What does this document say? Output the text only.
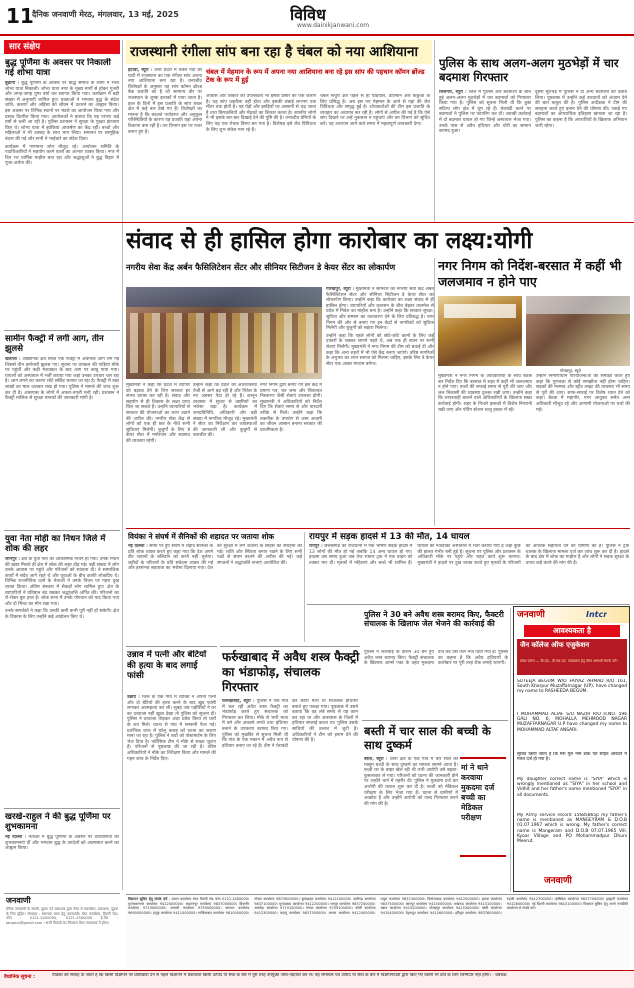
11
दैनिक जनवाणी मेरठ, मंगलवार, 13 मई, 2025	विविध
www.dainikjanwani.com
सार संक्षेप
बुद्ध पूर्णिमा के अवसर पर निकाली गई शोभा यात्रा

बुढाना । बुद्ध पूर्णिमा के अवसर पर बौद्ध समाज के लोगों ने भव्य शोभा यात्रा निकाली। शोभा यात्रा नगर के मुख्य मार्गों से होकर गुजरी और जगह-जगह पुष्प वर्षा कर स्वागत किया गया। कार्यक्रम में बड़ी संख्या में अनुयायी शामिल हुए। वक्ताओं ने भगवान बुद्ध के संदेश शांति, करुणा और अहिंसा को जीवन में उतारने का आह्वान किया। इस अवसर पर विभिन्न स्थानों पर भंडारे का आयोजन किया गया और प्रसाद वितरित किया गया। आयोजकों ने बताया कि यह परंपरा कई वर्षों से चली आ रही है। पुलिस प्रशासन ने सुरक्षा के पुख्ता इंतजाम किए थे। शोभा यात्रा में झांकियां आकर्षण का केंद्र रहीं। बच्चों और महिलाओं ने भी उत्साह के साथ भाग लिया। समापन पर सामूहिक वंदना की गई और सभी ने भाईचारे का संदेश दिया।

कार्यक्रम में गणमान्य लोग मौजूद रहे। आयोजन समिति के पदाधिकारियों ने सहयोग करने वालों का आभार व्यक्त किया। नगर में दिन भर धार्मिक माहौल बना रहा और श्रद्धालुओं ने बुद्ध विहार में पूजा-अर्चना की।

सामीन फैक्ट्री में लगी आग, तीन झुलसे

खतौली । औद्योगिक क्षेत्र स्थित एक फैक्ट्री में अचानक आग लग गई जिससे तीन कर्मचारी झुलस गए। सूचना पर दमकल की गाड़ियां मौके पर पहुंचीं और कड़ी मशक्कत के बाद आग पर काबू पाया गया। घायलों को अस्पताल में भर्ती कराया गया जहां उनका उपचार चल रहा है। आग लगने का कारण शॉर्ट सर्किट बताया जा रहा है। फैक्ट्री में रखा लाखों का माल जलकर राख हो गया। पुलिस ने मामले की जांच शुरू कर दी है। आसपास के लोगों में अफरा-तफरी मची रही। प्रशासन ने फैक्ट्री मालिक से सुरक्षा मानकों की जानकारी मांगी है।

युवा नेता मोही का निधन जिले में शोक की लहर

जौनपुर । क्षेत्र के युवा नेता का आकस्मिक निधन हो गया। उनके निधन की खबर मिलते ही क्षेत्र में शोक की लहर दौड़ गई। बड़ी संख्या में लोग उनके आवास पर पहुंचे और परिजनों को सांत्वना दी। वे सामाजिक कार्यों में सदैव आगे रहते थे और युवाओं के बीच काफी लोकप्रिय थे। विभिन्न राजनीतिक दलों के नेताओं ने उनके निधन पर गहरा दुख व्यक्त किया। अंतिम संस्कार में सैकड़ों लोग शामिल हुए। क्षेत्र के व्यापारियों ने प्रतिष्ठान बंद रखकर श्रद्धांजलि अर्पित की। परिजनों का रो-रोकर बुरा हाल है। शोक सभा में उनके योगदान को याद किया गया और दो मिनट का मौन रखा गया।

उनके समर्थकों ने कहा कि उनकी कमी कभी पूरी नहीं हो सकेगी। क्षेत्र के विकास के लिए उन्होंने कई आंदोलन किए थे।

खरखे-राहुल ने की बुद्ध पूर्णिमा पर शुभकामना

नई दिल्ली । नेताओं ने बुद्ध पूर्णिमा के अवसर पर देशवासियों को शुभकामनाएं दीं और भगवान बुद्ध के उपदेशों को आत्मसात करने का आह्वान किया।

जनवाणी
दैनिक जनवाणी के स्वामी, मुद्रक एवं प्रकाशक द्वारा मेरठ से प्रकाशित। प्रकाशक, मुद्रक के लिए मुद्रित। संपादक : समाचार चयन हेतु उत्तरदायी। मेरठ कार्यालय, दिल्ली रोड। फोन : 0121-2400000, 0121-2500000 ई-मेल : janwani@gmail.com । सभी विवादों का निपटारा मेरठ न्यायालय में होगा।
राजस्थानी रंगीला सांप बना रहा है चंबल को नया आशियाना

इटावा, ब्यूरो । उत्तर प्रदेश में चंबल नदी की घाटी में राजस्थान का एक रंगीला सांप अपना नया आशियाना बना रहा है। वन्यजीव विशेषज्ञों के अनुसार यह सांप कॉमन ब्रोंज्ड बैक प्रजाति का है जो सामान्य तौर पर राजस्थान के शुष्क इलाकों में पाया जाता है। हाल के दिनों में इस प्रजाति के सांप चंबल क्षेत्र में कई बार देखे गए हैं। विशेषज्ञों का मानना है कि बदलते पर्यावरण और अनुकूल परिस्थितियों के कारण यह प्रजाति यहां अपना ठिकाना बना रही है। वन विभाग इस पर नजर बनाए हुए है।

चंबल में मेहमान के रूप में अपना नया आशियाना बना रहे इस सांप की पहचान कॉमन ब्रोंज्ड टेक के रूप में हुई

आवास और शिकार की उपलब्धता भी इसके प्रसार का एक कारण है। यह सांप जहरीला नहीं होता और इसकी लंबाई लगभग एक मीटर तक होती है। यह पेड़ों और झाड़ियों पर आसानी से चढ़ जाता है तथा छिपकलियों और मेंढकों का शिकार करता है। स्थानीय लोगों ने भी इसके बार-बार दिखाई देने की पुष्टि की है। वन्यजीव प्रेमियों के लिए यह एक रोचक विषय बन गया है। विशेषज्ञ इसे जैव विविधता के लिए शुभ संकेत मान रहे हैं।

चंबल सेंचुरी क्षेत्र पहले से ही घड़ियाल, डॉल्फिन और कछुओं के लिए प्रसिद्ध है। अब इस नए मेहमान के आने से यहां की जैव विविधता और समृद्ध हुई है। शोधकर्ताओं की टीम इस प्रजाति के व्यवहार का अध्ययन कर रही है। लोगों से अपील की गई है कि ऐसे सांप दिखने पर उन्हें नुकसान न पहुंचाएं और वन विभाग को सूचित करें। यह अध्ययन आने वाले समय में महत्वपूर्ण जानकारी देगा।

पुलिस के साथ अलग-अलग मुठभेड़ों में चार बदमाश गिरफ्तार

बिजनौर, ब्यूरो । जिले में पुलिस और बदमाशों के बीच हुई अलग-अलग मुठभेड़ों में चार बदमाशों को गिरफ्तार किया गया है। पुलिस को सूचना मिली थी कि कुछ संदिग्ध लोग क्षेत्र में घूम रहे हैं। घेराबंदी करने पर बदमाशों ने पुलिस पर फायरिंग कर दी। जवाबी कार्रवाई में दो बदमाश घायल हो गए जिन्हें अस्पताल भेजा गया। उनके पास से अवैध हथियार और चोरी का सामान बरामद हुआ।

दूसरी मुठभेड़ में पुलिस ने दो अन्य बदमाशों को दबोच लिया। पूछताछ में उन्होंने कई वारदातों को अंजाम देने की बात कबूल की है। पुलिस अधीक्षक ने टीम की सराहना करते हुए इनाम देने की घोषणा की। पकड़े गए बदमाशों का आपराधिक इतिहास खंगाला जा रहा है। पुलिस का कहना है कि अपराधियों के खिलाफ अभियान जारी रहेगा।

संवाद से ही हासिल होगा कारोबार का लक्ष्य:योगी
नगरीय सेवा केंद्र अर्बन फैसिलिटेशन सेंटर और सीनियर सिटीजन डे केयर सेंटर का लोकार्पण	नगर निगम को निर्देश-बरसात में कहीं भी जलजमाव न होने पाए

मुख्यमंत्री ने कहा कि प्रदेश में व्यापार को बढ़ावा देने के लिए सरकार हर संभव प्रयास कर रही है। संवाद और सहयोग से ही विकास के लक्ष्य प्राप्त किए जा सकते हैं। उन्होंने व्यापारियों से सरकार की योजनाओं का लाभ उठाने की अपील की। नगरीय सेवा केंद्र से लोगों को एक ही छत के नीचे सभी सुविधाएं मिलेंगी। बुजुर्गों के लिए डे केयर सेंटर में मनोरंजन और स्वास्थ्य की व्यवस्था रहेगी।

उन्होंने कहा कि प्रदेश की अर्थव्यवस्था तेजी से आगे बढ़ रही है और निवेश के नए अवसर पैदा हो रहे हैं। कानून व्यवस्था में सुधार से उद्यमियों का भरोसा बढ़ा है। कार्यक्रम में जनप्रतिनिधि, अधिकारी और बड़ी संख्या में नागरिक मौजूद रहे। मुख्यमंत्री ने सेंटर का निरीक्षण कर व्यवस्थाओं की जानकारी ली और बुजुर्गों से बातचीत की।

नगर निगम द्वारा बनाए गए इस केंद्र में प्रमाण पत्र, कर जमा और शिकायत निस्तारण जैसी सेवाएं उपलब्ध होंगी। मुख्यमंत्री ने अधिकारियों को निर्देश दिए कि सेवाएं समय से और पारदर्शी तरीके से मिलें। उन्होंने कहा कि तकनीक के उपयोग से आम आदमी का जीवन आसान बनाना सरकार की प्राथमिकता है।

गोरखपुर, ब्यूरो । मुख्यमंत्री ने सोमवार को नगरीय सेवा केंद्र अर्बन फैसिलिटेशन सेंटर और सीनियर सिटीजन डे केयर सेंटर का लोकार्पण किया। उन्होंने कहा कि कारोबार का लक्ष्य संवाद से ही हासिल होगा। व्यापारियों और प्रशासन के बीच बेहतर तालमेल से प्रदेश में निवेश का माहौल बना है। उन्होंने कहा कि सरकार सुरक्षा, सुविधा और सम्मान का वातावरण देने के लिए प्रतिबद्ध है। नगर निगम की ओर से बनाए गए इन केंद्रों से नागरिकों को सुविधा मिलेगी और बुजुर्गों को सहारा मिलेगा।

उन्होंने कहा कि पहले लोगों को छोटे-छोटे कामों के लिए कई दफ्तरों के चक्कर लगाने पड़ते थे, अब एक ही स्थान पर सभी सेवाएं मिलेंगी। मुख्यमंत्री ने नगर निगम की टीम को बधाई दी और कहा कि अन्य शहरों में भी ऐसे केंद्र बनाए जाएंगे। वरिष्ठ नागरिकों के अनुभव का लाभ समाज को मिलना चाहिए, इसके लिए डे केयर सेंटर एक अच्छा माध्यम बनेगा।

गोरखपुर, ब्यूरो

मुख्यमंत्री ने नगर निगम के अधिकारियों के साथ बैठक कर निर्देश दिए कि बरसात में शहर में कहीं भी जलजमाव न होने पाए। नालों की सफाई समय से पूरी की जाए और जल निकासी की व्यवस्था दुरुस्त रखी जाए। उन्होंने कहा कि लापरवाही बरतने वाले अधिकारियों के खिलाफ सख्त कार्रवाई होगी। शहर के निचले इलाकों में विशेष निगरानी रखी जाए और पंपिंग स्टेशन चालू हालत में रहें।

उन्होंने निर्माणाधीन परियोजनाओं की समीक्षा करते हुए कहा कि गुणवत्ता से कोई समझौता नहीं होना चाहिए। सड़कों की मरम्मत और स्ट्रीट लाइट की व्यवस्था भी समय से पूरी की जाए। साफ-सफाई पर विशेष ध्यान देने को कहा। बैठक में महापौर, नगर आयुक्त समेत अन्य अधिकारी मौजूद रहे और आगामी योजनाओं पर चर्चा की गई।

वियंका ने संघर्ष में सैनिकों की शहादत पर जताया शोक

नई दिल्ली । सीमा पर हुए संघर्ष में शहीद सैनिकों के प्रति शोक व्यक्त करते हुए कहा गया कि देश अपने वीर जवानों के बलिदान को कभी नहीं भूलेगा। शहीदों के परिवारों के प्रति संवेदना व्यक्त की गई और हरसंभव सहायता का भरोसा दिलाया गया। देश की सुरक्षा में लगे जवानों के साहस की सराहना की गई। शांति और स्थिरता बनाए रखने के लिए सभी पक्षों से संयम बरतने की अपील की गई। कई संगठनों ने श्रद्धांजलि सभाएं आयोजित कीं।

रायपुर में सड़क हादसे में 13 की मौत, 14 घायल

रायपुर । छत्तीसगढ़ की राजधानी में एक भीषण सड़क हादसे में 13 लोगों की मौत हो गई जबकि 14 अन्य घायल हो गए। हादसा उस समय हुआ जब तेज रफ्तार ट्रक ने एक वाहन को टक्कर मार दी। मृतकों में महिलाएं और बच्चे भी शामिल हैं। घायलों को नजदीकी अस्पताल में भर्ती कराया गया है जहां कुछ की हालत गंभीर बनी हुई है। सूचना पर पुलिस और प्रशासन के अधिकारी मौके पर पहुंचे और राहत कार्य शुरू कराया। मुख्यमंत्री ने हादसे पर दुख व्यक्त करते हुए मृतकों के परिजनों को आर्थिक सहायता देने की घोषणा की है। पुलिस ने ट्रक चालक के खिलाफ मामला दर्ज कर जांच शुरू कर दी है। हादसे के बाद क्षेत्र में शोक का माहौल है और लोगों ने सड़क सुरक्षा के उपाय कड़े करने की मांग की है।

उन्नाव में पत्नी और बेटियों की हत्या के बाद लगाई फांसी

उन्नाव । जिले के एक गांव में व्यक्ति ने अपनी पत्नी और दो बेटियों की हत्या करने के बाद खुद फांसी लगाकर आत्महत्या कर ली। सुबह जब पड़ोसियों ने घर का दरवाजा नहीं खुला देखा तो पुलिस को सूचना दी। पुलिस ने दरवाजा तोड़कर अंदर प्रवेश किया तो चारों के शव मिले। घटना से गांव में सनसनी फैल गई। प्रारंभिक जांच में घरेलू कलह को घटना का कारण माना जा रहा है। पुलिस ने शवों को पोस्टमार्टम के लिए भेज दिया है। फॉरेंसिक टीम ने मौके से साक्ष्य जुटाए हैं। परिजनों से पूछताछ की जा रही है। वरिष्ठ अधिकारियों ने मौके का निरीक्षण किया और मामले की गहन जांच के निर्देश दिए।

फर्रुखाबाद में अवैध शस्त्र फैक्ट्री का भंडाफोड़, संचालक गिरफ्तार

फर्रुखाबाद, ब्यूरो । पुलिस ने एक गांव में चल रही अवैध शस्त्र फैक्ट्री का भंडाफोड़ करते हुए संचालक को गिरफ्तार कर लिया। मौके से भारी मात्रा में बने और अधबने तमंचे तथा हथियार बनाने के उपकरण बरामद किए गए। पुलिस को मुखबिर से सूचना मिली थी कि गांव के एक मकान में अवैध रूप से हथियार बनाए जा रहे हैं। टीम ने घेराबंदी कर छापा मारा तो संचालक हथियार बनाते हुए पकड़ा गया। पूछताछ में उसने बताया कि वह लंबे समय से यह काम कर रहा था और आसपास के जिलों में हथियार सप्लाई करता था। पुलिस उसके साथियों की तलाश में जुटी है। अधिकारियों ने टीम को इनाम देने की घोषणा की है।

पुलिस ने 30 बने अवैध शस्त्र बरामद किए, फैक्टरी संचालक के खिलाफ जेल भेजने की कार्रवाई की

पुलिस ने कार्रवाई के दौरान 30 बने हुए अवैध शस्त्र बरामद किए। फैक्ट्री संचालक के खिलाफ आर्म्स एक्ट के तहत मुकदमा दर्ज कर उसे जेल भेज दिया गया है। पुलिस का कहना है कि अवैध हथियारों के कारोबार पर पूरी तरह रोक लगाई जाएगी।

बस्ती में चार साल की बच्ची के साथ दुष्कर्म

बस्ती, ब्यूरो । थाना क्षेत्र के एक गांव में चार साल की मासूम बच्ची के साथ दुष्कर्म का मामला सामने आया है। बच्ची घर के बाहर खेल रही थी तभी आरोपी उसे बहला-फुसलाकर ले गया। परिजनों को घटना की जानकारी होने पर उन्होंने थाने में तहरीर दी। पुलिस ने मुकदमा दर्ज कर आरोपी की तलाश शुरू कर दी है। बच्ची को मेडिकल परीक्षण के लिए भेजा गया है। घटना से ग्रामीणों में आक्रोश है और उन्होंने आरोपी को जल्द गिरफ्तार करने की मांग की है।

मां ने थाने करवाया मुकदमा दर्ज बच्ची का मेडिकल परीक्षण
जनवाणी	Intcr
आवश्यकता है
जैन कॉलेज ऑफ एजुकेशन
प्रवेश प्रारंभ — बी.एड., डी.एल.एड. पाठ्यक्रम हेतु योग्य अभ्यर्थी संपर्क करें।
SUTEEJA BEGUM W/O FAIYAZ AHMAD R/O 161, South Kharpur Muzaffarnagar (UP), have changed my name to RASHEEDA BEGUM.
I MOHAMMAD ALTAF S/O NAZIR R/O H.NO. 596 GALI NO. 6, MOHALLA MEHMOOD NAGAR MUZAFFARNAGAR U.P have changed my name to MOHAMMAD ALTAF ANSARI.
सूचित किया जाता है कि मेरा मूल नाम डाक पते सहित आवेदन में गलत दर्ज हो गया है।
My daughter correct name is "SIYA" which is wrongly mentioned as "SIYA" in her school and Vidhit and her father's name mentioned "SIYA" in all documents.
My Army service record 15685865p my father's name is mentioned as MANGEYRAM & D.O.B 01.07.1967 which is wrong. My father's correct name is Mangeram and D.O.B 07.07.1965 Vill. Kyoar Village and PO Mohammadpur Dhuni Meerut.
जनवाणी
विज्ञापन सूचित हेतु संपर्क करें : प्रधान कार्यालय मेरठ दिल्ली रोड फोन 0121-2400000। मुजफ्फरनगर कार्यालय 9412000000। सहारनपुर कार्यालय 9837000000। बिजनौर कार्यालय 9719000000। शामली कार्यालय 9759000000। बागपत कार्यालय 9690000000। हापुड़ कार्यालय 9411000000। गाजियाबाद कार्यालय 9810000000। नोएडा कार्यालय 9873000000। बुलंदशहर कार्यालय 9412100000। अलीगढ़ कार्यालय 9837100000। मुरादाबाद कार्यालय 9412200000। रामपुर कार्यालय 9837200000। अमरोहा कार्यालय 9719100000। संभल कार्यालय 9759100000। बरेली कार्यालय 9412300000। बदायूं कार्यालय 9837300000। आगरा कार्यालय 9412400000। मथुरा कार्यालय 9837400000। फिरोजाबाद कार्यालय 9412500000। इटावा कार्यालय 9837500000। कानपुर कार्यालय 9415000000। लखनऊ कार्यालय 9415100000। उन्नाव कार्यालय 9415200000। गोरखपुर कार्यालय 9415300000। बस्ती कार्यालय 9415400000। देहरादून कार्यालय 9412600000। हरिद्वार कार्यालय 9837600000। रुड़की कार्यालय 9412700000। ऋषिकेश कार्यालय 9837700000। हल्द्वानी कार्यालय 9412800000। नई दिल्ली कार्यालय 9810100000। विज्ञापन बुकिंग हेतु अपने नजदीकी कार्यालय से संपर्क करें।
वैधानिक सूचना :	पाठकों को सलाह दी जाती है कि किसी विज्ञापन पर प्रतिक्रिया देने से पहले विज्ञापन में प्रकाशित किसी उत्पाद या सेवा के बारे में पूरी तरह उपयुक्त जाँच-पड़ताल कर लें। यह समाचार पत्र उत्पाद या सेवा के बारे में विज्ञापनदाता द्वारा किए गए किसी भी दावे के लिए जिम्मेदार नहीं होगा। - प्रबंधक
